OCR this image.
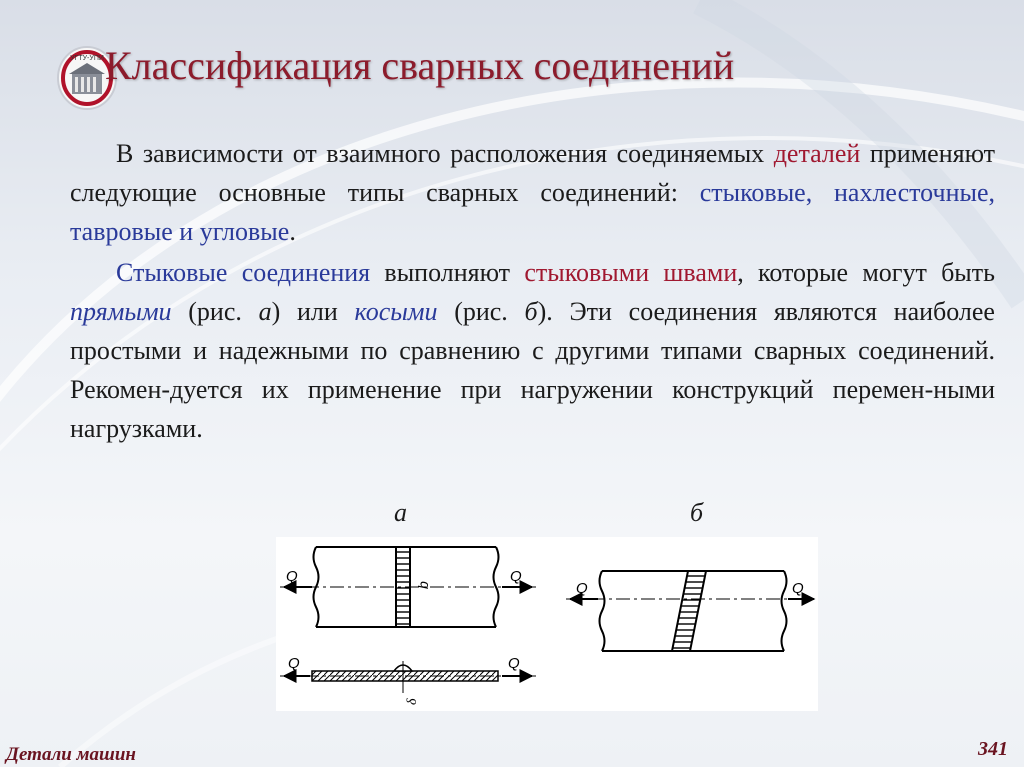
УГТУ-УПИ Классификация сварных соединений

В зависимости от взаимного расположения соединяемых деталей применяют следующие основные типы сварных соединений: стыковые, нахлесточные, тавровые и угловые.

Стыковые соединения выполняют стыковыми швами, которые могут быть прямыми (рис. а) или косыми (рис. б). Эти соединения являются наиболее простыми и надежными по сравнению с другими типами сварных соединений. Рекомен-дуется их применение при нагружении конструкций перемен-ными нагрузками.

а	б
Q	Q
b
Q	Q
δ
Q	Q
Детали машин	341
